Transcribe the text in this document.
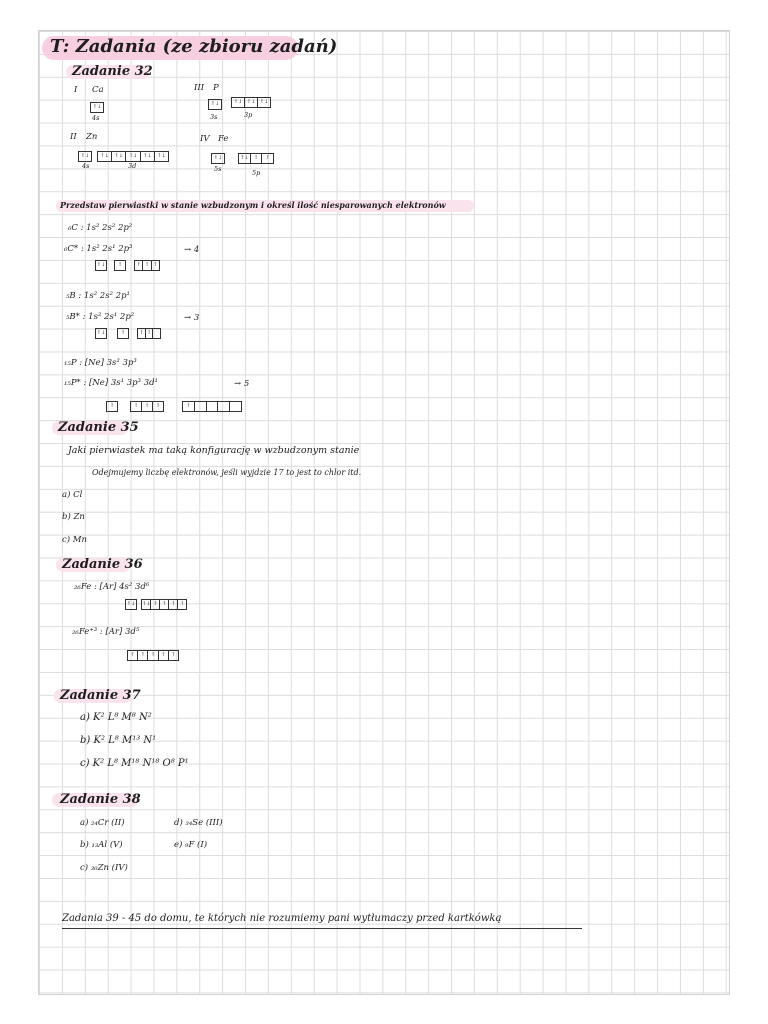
T: Zadania (ze zbioru zadań)
Zadanie 32
I Ca
↑↓
4s
II Zn
↑↓	↑↓	↑↓	↑↓	↑↓	↑↓
4s	3d
III P
↑↓	↑↓ ↑↓ ↑↓
3s	3p
IV Fe
↑↓	↑↓	↑	↑
5s	5p
Przedstaw pierwiastki w stanie wzbudzonym i określ ilość niesparowanych elektronów
₆C : 1s² 2s² 2p²
₆C* : 1s² 2s¹ 2p³	→ 4
↑↓	↑	↑ ↑ ↑
₅B : 1s² 2s² 2p¹
₅B* : 1s² 2s¹ 2p²	→ 3
↑↓	↑	↑ ↑
₁₅P : [Ne] 3s² 3p³
₁₅P* : [Ne] 3s¹ 3p³ 3d¹	→ 5
↑	↑	↑	↑	↑
Zadanie 35
Jaki pierwiastek ma taką konfigurację w wzbudzonym stanie
Odejmujemy liczbę elektronów, jeśli wyjdzie 17 to jest to chlor itd.
a) Cl
b) Zn
c) Mn
Zadanie 36
₂₆Fe : [Ar] 4s² 3d⁶
↑↓ ↑↓ ↑ ↑ ↑ ↑
₂₆Fe⁺³ : [Ar] 3d⁵
↑	↑	↑	↑	↑
Zadanie 37
a) K² L⁸ M⁸ N²
b) K² L⁸ M¹³ N¹
c) K² L⁸ M¹⁸ N¹⁸ O⁸ P¹
Zadanie 38
a) ₂₄Cr (II)
b) ₁₃Al (V)
c) ₃₀Zn (IV)
d) ₃₄Se (III)
e) ₉F (I)
Zadania 39 - 45 do domu, te których nie rozumiemy pani wytłumaczy przed kartkówką
